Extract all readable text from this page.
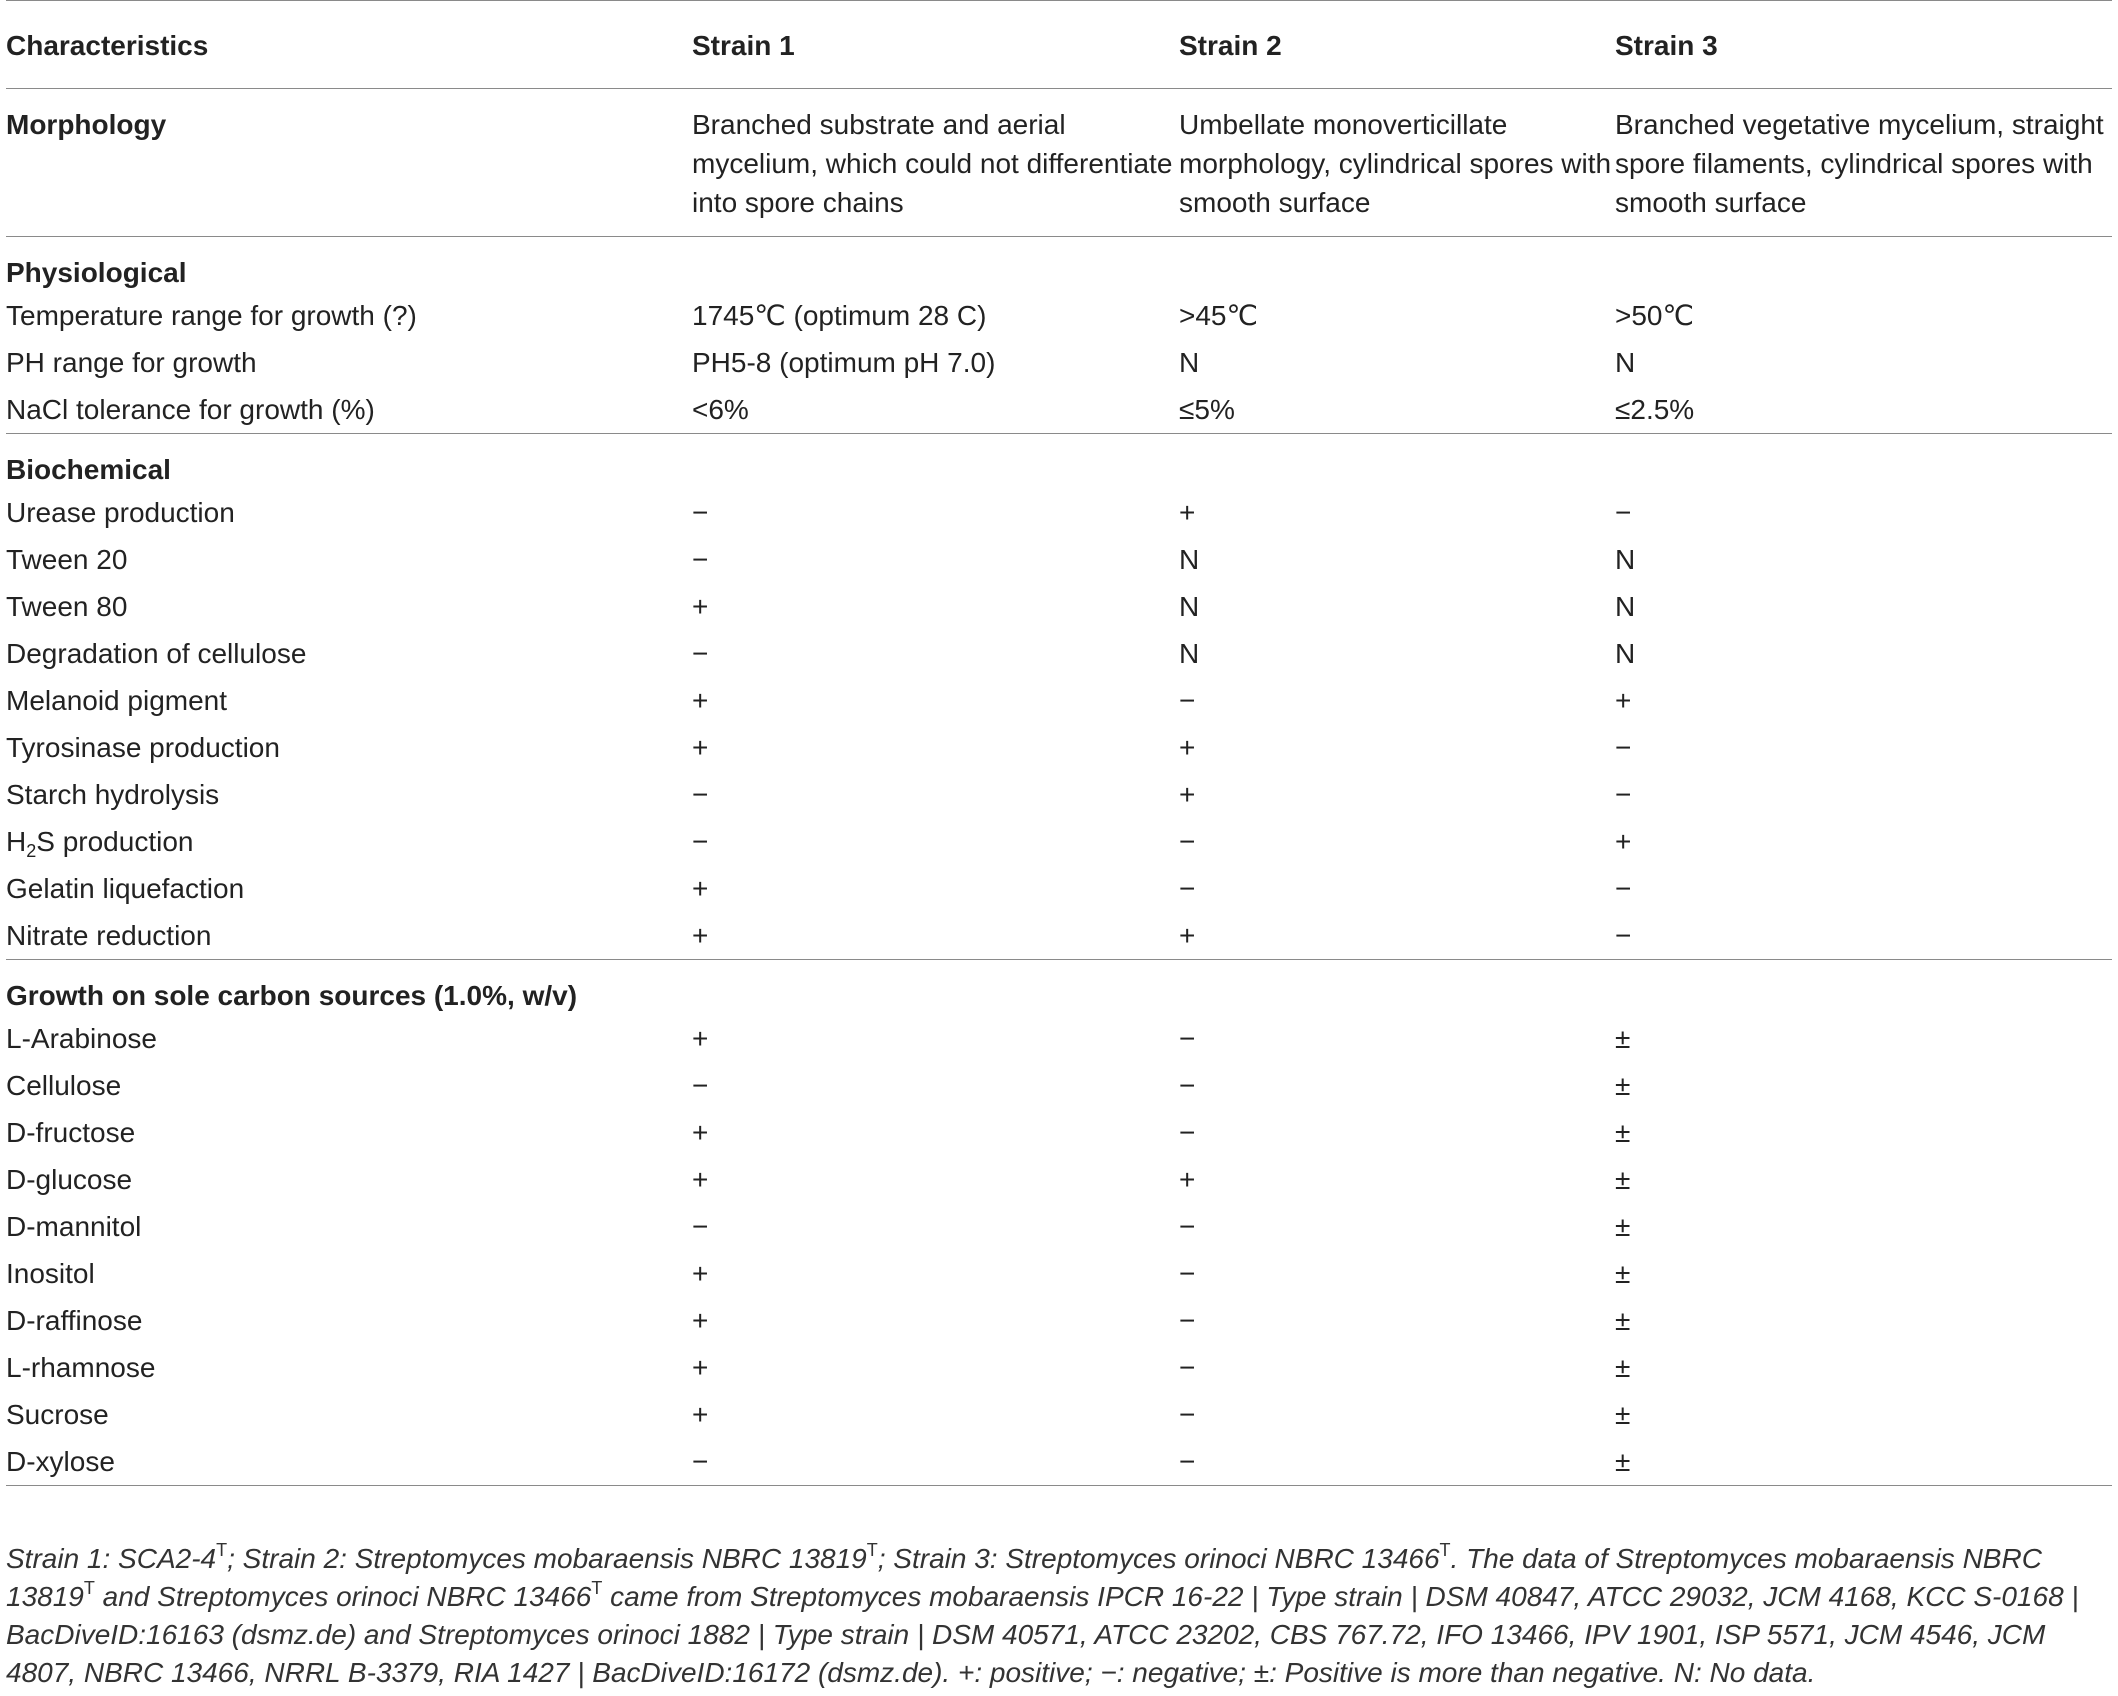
Characteristics	Strain 1	Strain 2	Strain 3
Morphology	Branched substrate and aerial mycelium, which could not differentiate into spore chains	Umbellate monoverticillate morphology, cylindrical spores with smooth surface	Branched vegetative mycelium, straight spore filaments, cylindrical spores with smooth surface
Physiological			
Temperature range for growth (?)	1745℃ (optimum 28 C)	>45℃	>50℃
PH range for growth	PH5-8 (optimum pH 7.0)	N	N
NaCl tolerance for growth (%)	<6%	≤5%	≤2.5%
Biochemical			
Urease production	−	+	−
Tween 20	−	N	N
Tween 80	+	N	N
Degradation of cellulose	−	N	N
Melanoid pigment	+	−	+
Tyrosinase production	+	+	−
Starch hydrolysis	−	+	−
$H_2S$ production	−	−	+
Gelatin liquefaction	+	−	−
Nitrate reduction	+	+	−
Growth on sole carbon sources (1.0%, w/v)			
L-Arabinose	+	−	±
Cellulose	−	−	±
D-fructose	+	−	±
D-glucose	+	+	±
D-mannitol	−	−	±
Inositol	+	−	±
D-raffinose	+	−	±
L-rhamnose	+	−	±
Sucrose	+	−	±
D-xylose	−	−	±
Strain 1: $SCA2-4^T$; Strain 2: Streptomyces mobaraensis NBRC $13819^T$; Strain 3: Streptomyces orinoci NBRC $13466^T$. The data of Streptomyces mobaraensis NBRC $13819^T$ and Streptomyces orinoci NBRC $13466^T$ came from Streptomyces mobaraensis IPCR 16-22 | Type strain | DSM 40847, ATCC 29032, JCM 4168, KCC S-0168 | BacDiveID:16163 (dsmz.de) and Streptomyces orinoci 1882 | Type strain | DSM 40571, ATCC 23202, CBS 767.72, IFO 13466, IPV 1901, ISP 5571, JCM 4546, JCM 4807, NBRC 13466, NRRL B-3379, RIA 1427 | BacDiveID:16172 (dsmz.de). +: positive; −: negative; ±: Positive is more than negative. N: No data.
